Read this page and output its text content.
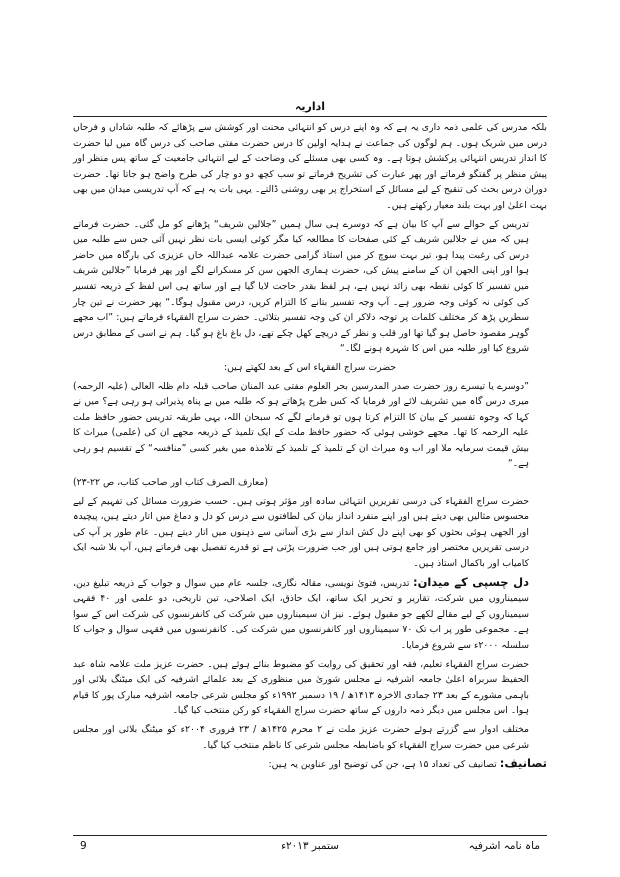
اداریہ

بلکہ مدرس کی علمی ذمہ داری یہ ہے کہ وہ اپنے درس کو انتہائی محنت اور کوشش سے پڑھائے کہ طلبہ شاداں و فرحاں درس میں شریک ہوں۔ ہم لوگوں کی جماعت نے ہدایہ اولین کا درس حضرت مفتی صاحب کی درس گاہ میں لیا حضرت کا انداز تدریس انتہائی پرکشش ہوتا ہے۔ وہ کسی بھی مسئلے کی وضاحت کے لیے انتہائی جامعیت کے ساتھ پس منظر اور پیش منظر پر گفتگو فرماتے اور پھر عبارت کی تشریح فرماتے تو سب کچھ دو دو چار کی طرح واضح ہو جاتا تھا۔ حضرت دوران درس بحث کی تنقیح کے لیے مسائل کے استخراج پر بھی روشنی ڈالتے۔ یہی بات یہ ہے کہ آپ تدریسی میدان میں بھی بہت اعلیٰ اور بہت بلند معیار رکھتے ہیں۔

تدریس کے حوالے سے آپ کا بیان ہے کہ دوسرے ہی سال ہمیں ”جلالین شریف“ پڑھانے کو مل گئی۔ حضرت فرماتے ہیں کہ میں نے جلالین شریف کے کئی صفحات کا مطالعہ کیا مگر کوئی ایسی بات نظر نہیں آئی جس سے طلبہ میں درس کی رغبت پیدا ہو، تیر بہت سوچ کر میں استاذ گرامی حضرت علامہ عبداللہ خاں عزیزی کی بارگاہ میں حاضر ہوا اور اپنی الجھن ان کے سامنے پیش کی، حضرت ہماری الجھن سن کر مسکرانے لگے اور پھر فرمایا ”جلالین شریف میں تفسیر کا کوئی نقطہ بھی زائد نہیں ہے، ہر لفظ بقدر حاجت لایا گیا ہے اور ساتھ ہی اس لفظ کے ذریعہ تفسیر کی کوئی نہ کوئی وجہ ضرور ہے۔ آپ وجہ تفسیر بتانے کا التزام کریں، درس مقبول ہوگا۔“ پھر حضرت نے تین چار سطریں پڑھ کر مختلف کلمات پر توجہ دلاکر ان کی وجہ تفسیر بتلائی۔ حضرت سراج الفقہاء فرماتے ہیں: ”اب مجھے گوہر مقصود حاصل ہو گیا تھا اور قلب و نظر کے دریچے کھل چکے تھے، دل باغ باغ ہو گیا۔ ہم نے اسی کے مطابق درس شروع کیا اور طلبہ میں اس کا شہرہ ہونے لگا۔“

حضرت سراج الفقہاء اس کے بعد لکھتے ہیں:

”دوسرے یا تیسرے روز حضرت صدر المدرسین بحر العلوم مفتی عبد المنان صاحب قبلہ دام ظلہ العالی (علیہ الرحمہ) میری درس گاہ میں تشریف لائے اور فرمایا کہ کس طرح پڑھاتے ہو کہ طلبہ میں بے پناہ پذیرائی ہو رہی ہے؟ میں نے کہا کہ وجوہ تفسیر کے بیان کا التزام کرتا ہوں تو فرمانے لگے کہ سبحان اللہ، یہی طریقہ تدریس حضور حافظ ملت علیہ الرحمہ کا تھا۔ مجھے خوشی ہوئی کہ حضور حافظ ملت کے ایک تلمیذ کے ذریعہ مجھے ان کی (علمی) میراث کا بیش قیمت سرمایہ ملا اور اب وہ میراث ان کے تلمیذ کے تلمیذ کے تلامذہ میں بغیر کسی ”منافسہ“ کے تقسیم ہو رہی ہے۔“

(معارف الصرف کتاب اور صاحب کتاب، ص ۲۲-۲۳)

حضرت سراج الفقہاء کی درسی تقریریں انتہائی سادہ اور مؤثر ہوتی ہیں۔ حسب ضرورت مسائل کی تفہیم کے لیے محسوس مثالیں بھی دیتے ہیں اور اپنے منفرد انداز بیان کی لطافتوں سے درس کو دل و دماغ میں اتار دیتے ہیں، پیچیدہ اور الجھی ہوئی بحثوں کو بھی اپنے دل کش انداز سے بڑی آسانی سے ذہنوں میں اتار دیتے ہیں۔ عام طور پر آپ کی درسی تقریریں مختصر اور جامع ہوتی ہیں اور جب ضرورت پڑتی ہے تو قدرے تفصیل بھی فرماتے ہیں، آپ بلا شبہ ایک کامیاب اور باکمال استاذ ہیں۔

دل چسپی کے میدان: تدریس، فتویٰ نویسی، مقالہ نگاری، جلسہ عام میں سوال و جواب کے ذریعہ تبلیغ دین، سیمیناروں میں شرکت، تقاریر و تحریر ایک ساتھ، ایک حاذق، ایک اصلاحی، تین تاریخی، دو علمی اور ۴۰ فقہی سیمیناروں کے لیے مقالے لکھے جو مقبول ہوئے۔ نیز ان سیمیناروں میں شرکت کی کانفرنسوں کی شرکت اس کے سوا ہے۔ مجموعی طور پر اب تک ۷۰ سیمیناروں اور کانفرنسوں میں شرکت کی۔ کانفرنسوں میں فقہی سوال و جواب کا سلسلہ ۲۰۰۰ء سے شروع فرمایا۔

حضرت سراج الفقہاء تعلیم، فقہ اور تحقیق کی روایت کو مضبوط بنائے ہوئے ہیں۔ حضرت عزیز ملت علامہ شاہ عبد الحفیظ سربراہ اعلیٰ جامعہ اشرفیہ نے مجلس شوریٰ میں منظوری کے بعد علمائے اشرفیہ کی ایک میٹنگ بلائی اور باہمی مشورے کے بعد ۲۳ جمادی الاخرہ ۱۴۱۳ھ / ۱۹ دسمبر ۱۹۹۲ء کو مجلس شرعی جامعہ اشرفیہ مبارک پور کا قیام ہوا۔ اس مجلس میں دیگر ذمہ داروں کے ساتھ حضرت سراج الفقہاء کو رکن منتخب کیا گیا۔

مختلف ادوار سے گزرتے ہوئے حضرت عزیز ملت نے ۲ محرم ۱۴۲۵ھ / ۲۳ فروری ۲۰۰۴ء کو میٹنگ بلائی اور مجلس شرعی میں حضرت سراج الفقہاء کو باضابطہ مجلس شرعی کا ناظم منتخب کیا گیا۔

تصانیف: تصانیف کی تعداد ۱۵ ہے، جن کی توضیح اور عناوین یہ ہیں:

9	ستمبر ۲۰۱۳ء	ماہ نامہ اشرفیہ
